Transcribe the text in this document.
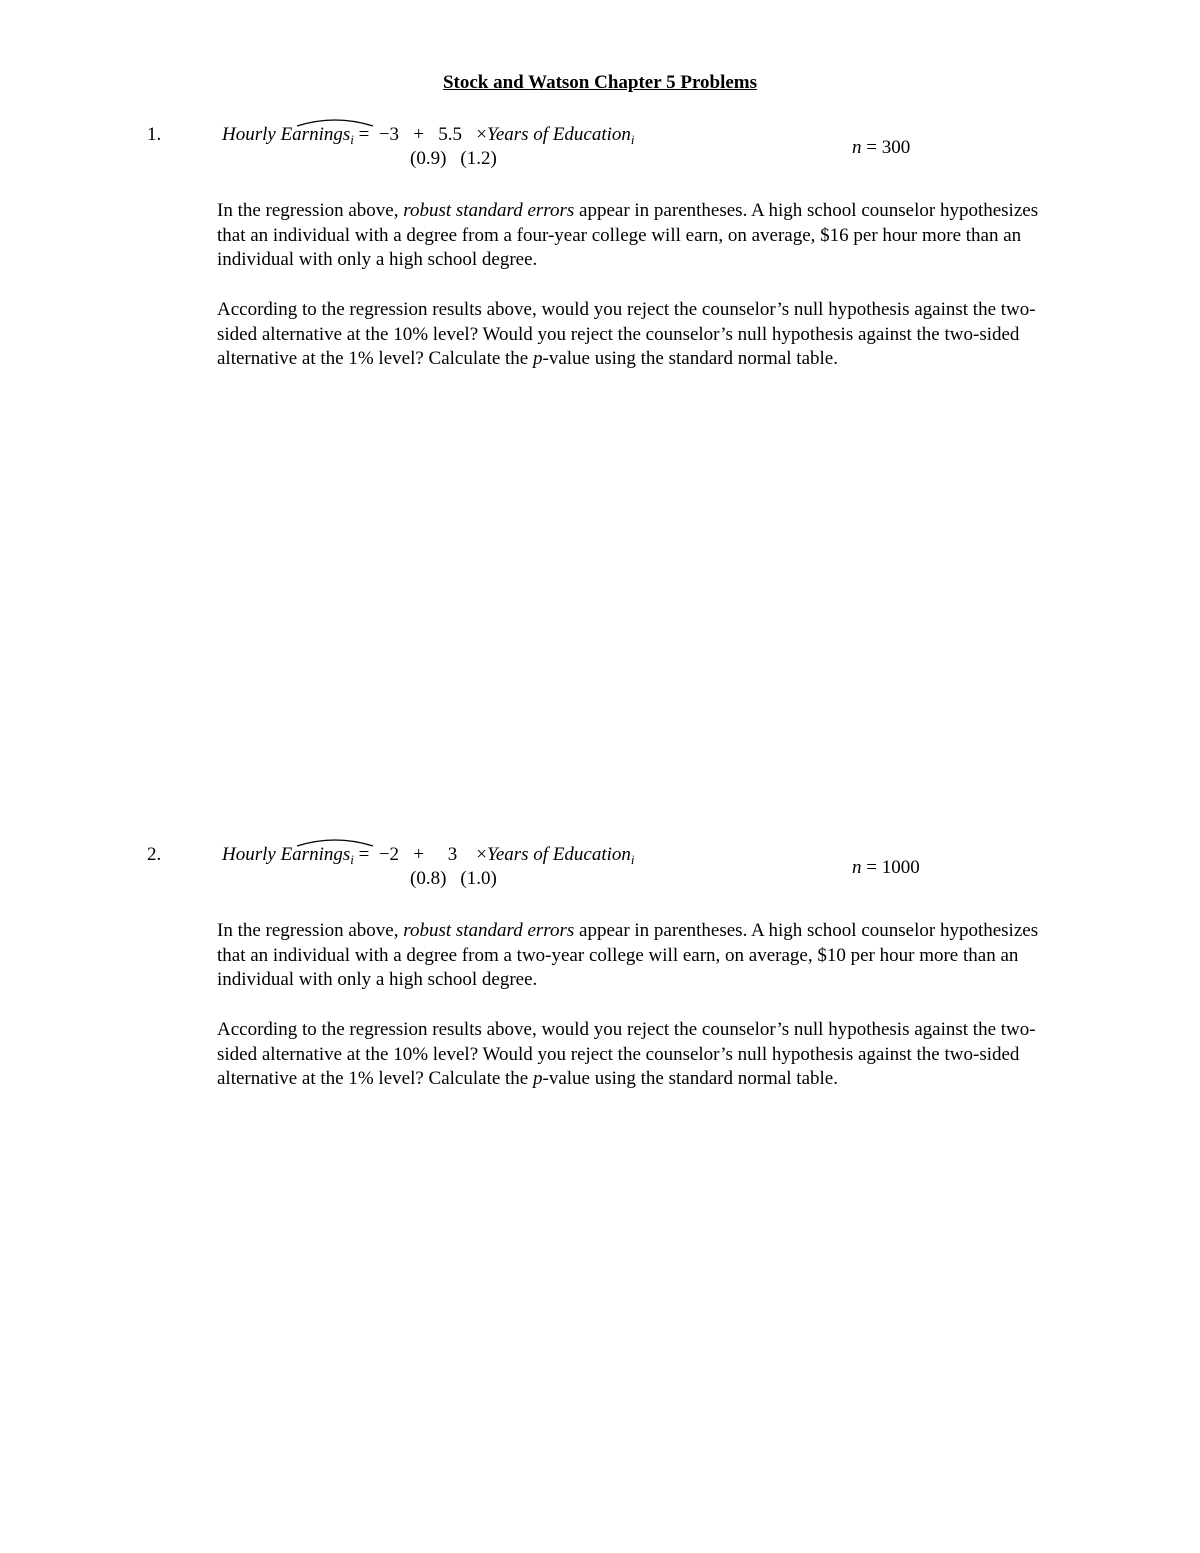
Stock and Watson Chapter 5 Problems
1.	Hourly Earnings$_i$ = −3 + 5.5 ×Years of Education$_i$
(0.9) (1.2)
n = 300

In the regression above, robust standard errors appear in parentheses. A high school counselor hypothesizes that an individual with a degree from a four-year college will earn, on average, $16 per hour more than an individual with only a high school degree.

According to the regression results above, would you reject the counselor’s null hypothesis against the two-sided alternative at the 10% level? Would you reject the counselor’s null hypothesis against the two-sided alternative at the 1% level? Calculate the p-value using the standard normal table.

2.	Hourly Earnings$_i$ = −2 + 3 ×Years of Education$_i$
(0.8) (1.0)
n = 1000

In the regression above, robust standard errors appear in parentheses. A high school counselor hypothesizes that an individual with a degree from a two-year college will earn, on average, $10 per hour more than an individual with only a high school degree.

According to the regression results above, would you reject the counselor’s null hypothesis against the two-sided alternative at the 10% level? Would you reject the counselor’s null hypothesis against the two-sided alternative at the 1% level? Calculate the p-value using the standard normal table.
